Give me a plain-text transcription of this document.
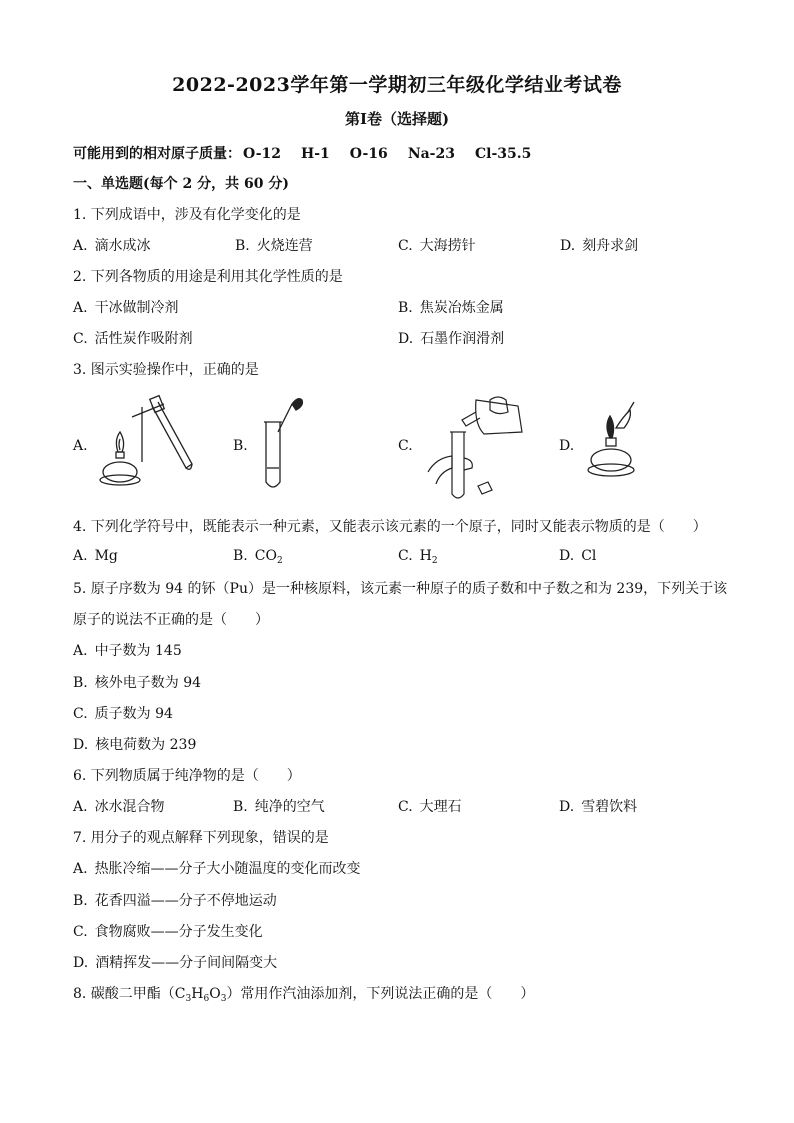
2022-2023学年第一学期初三年级化学结业考试卷
第Ⅰ卷（选择题)
可能用到的相对原子质量： O-12 H-1 O-16 Na-23 Cl-35.5
一、单选题(每个 2 分，共 60 分)
1. 下列成语中，涉及有化学变化的是
A. 滴水成冰	B. 火烧连营	C. 大海捞针	D. 刻舟求剑
2. 下列各物质的用途是利用其化学性质的是
A. 干冰做制冷剂	B. 焦炭冶炼金属
C. 活性炭作吸附剂	D. 石墨作润滑剂
3. 图示实验操作中，正确的是
A.	B.	C.	D.
4. 下列化学符号中，既能表示一种元素，又能表示该元素的一个原子，同时又能表示物质的是（　　）
A. Mg	B. $CO_2$	C. $H_2$	D. Cl
5. 原子序数为 94 的钚（Pu）是一种核原料，该元素一种原子的质子数和中子数之和为 239，下列关于该
原子的说法不正确的是（　　）
A. 中子数为 145
B. 核外电子数为 94
C. 质子数为 94
D. 核电荷数为 239
6. 下列物质属于纯净物的是（　　）
A. 冰水混合物	B. 纯净的空气	C. 大理石	D. 雪碧饮料
7. 用分子的观点解释下列现象，错误的是
A. 热胀冷缩——分子大小随温度的变化而改变
B. 花香四溢——分子不停地运动
C. 食物腐败——分子发生变化
D. 酒精挥发——分子间间隔变大
8. 碳酸二甲酯$(C_3H_6O_3)$常用作汽油添加剂，下列说法正确的是（　　）
